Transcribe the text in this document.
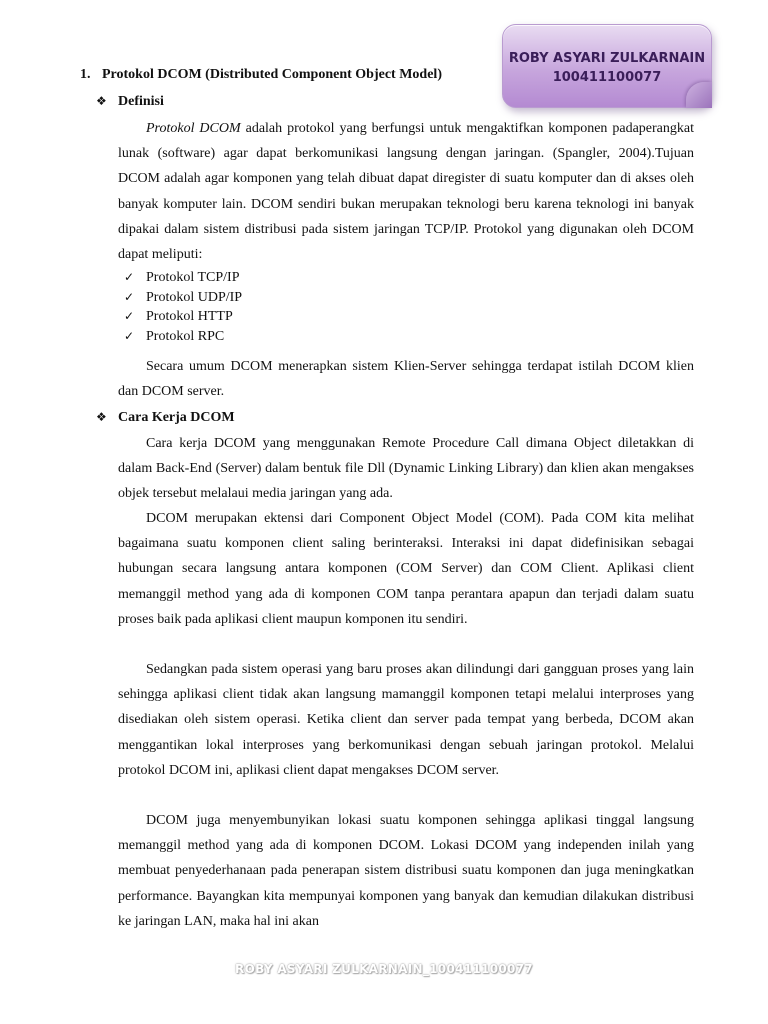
ROBY ASYARI ZULKARNAIN
100411100077
1. Protokol DCOM (Distributed Component Object Model)
❖ Definisi
Protokol DCOM adalah protokol yang berfungsi untuk mengaktifkan komponen padaperangkat lunak (software) agar dapat berkomunikasi langsung dengan jaringan. (Spangler, 2004).Tujuan DCOM adalah agar komponen yang telah dibuat dapat diregister di suatu komputer dan di akses oleh banyak komputer lain. DCOM sendiri bukan merupakan teknologi beru karena teknologi ini banyak dipakai dalam sistem distribusi pada sistem jaringan TCP/IP. Protokol yang digunakan oleh DCOM dapat meliputi:
✓ Protokol TCP/IP
✓ Protokol UDP/IP
✓ Protokol HTTP
✓ Protokol RPC
Secara umum DCOM menerapkan sistem Klien-Server sehingga terdapat istilah DCOM klien dan DCOM server.
❖ Cara Kerja DCOM
Cara kerja DCOM yang menggunakan Remote Procedure Call dimana Object diletakkan di dalam Back-End (Server) dalam bentuk file Dll (Dynamic Linking Library) dan klien akan mengakses objek tersebut melalaui media jaringan yang ada.
DCOM merupakan ektensi dari Component Object Model (COM). Pada COM kita melihat bagaimana suatu komponen client saling berinteraksi. Interaksi ini dapat didefinisikan sebagai hubungan secara langsung antara komponen (COM Server) dan COM Client. Aplikasi client memanggil method yang ada di komponen COM tanpa perantara apapun dan terjadi dalam suatu proses baik pada aplikasi client maupun komponen itu sendiri.
Sedangkan pada sistem operasi yang baru proses akan dilindungi dari gangguan proses yang lain sehingga aplikasi client tidak akan langsung mamanggil komponen tetapi melalui interproses yang disediakan oleh sistem operasi. Ketika client dan server pada tempat yang berbeda, DCOM akan menggantikan lokal interproses yang berkomunikasi dengan sebuah jaringan protokol. Melalui protokol DCOM ini, aplikasi client dapat mengakses DCOM server.
DCOM juga menyembunyikan lokasi suatu komponen sehingga aplikasi tinggal langsung memanggil method yang ada di komponen DCOM. Lokasi DCOM yang independen inilah yang membuat penyederhanaan pada penerapan sistem distribusi suatu komponen dan juga meningkatkan performance. Bayangkan kita mempunyai komponen yang banyak dan kemudian dilakukan distribusi ke jaringan LAN, maka hal ini akan
ROBY ASYARI ZULKARNAIN_100411100077
